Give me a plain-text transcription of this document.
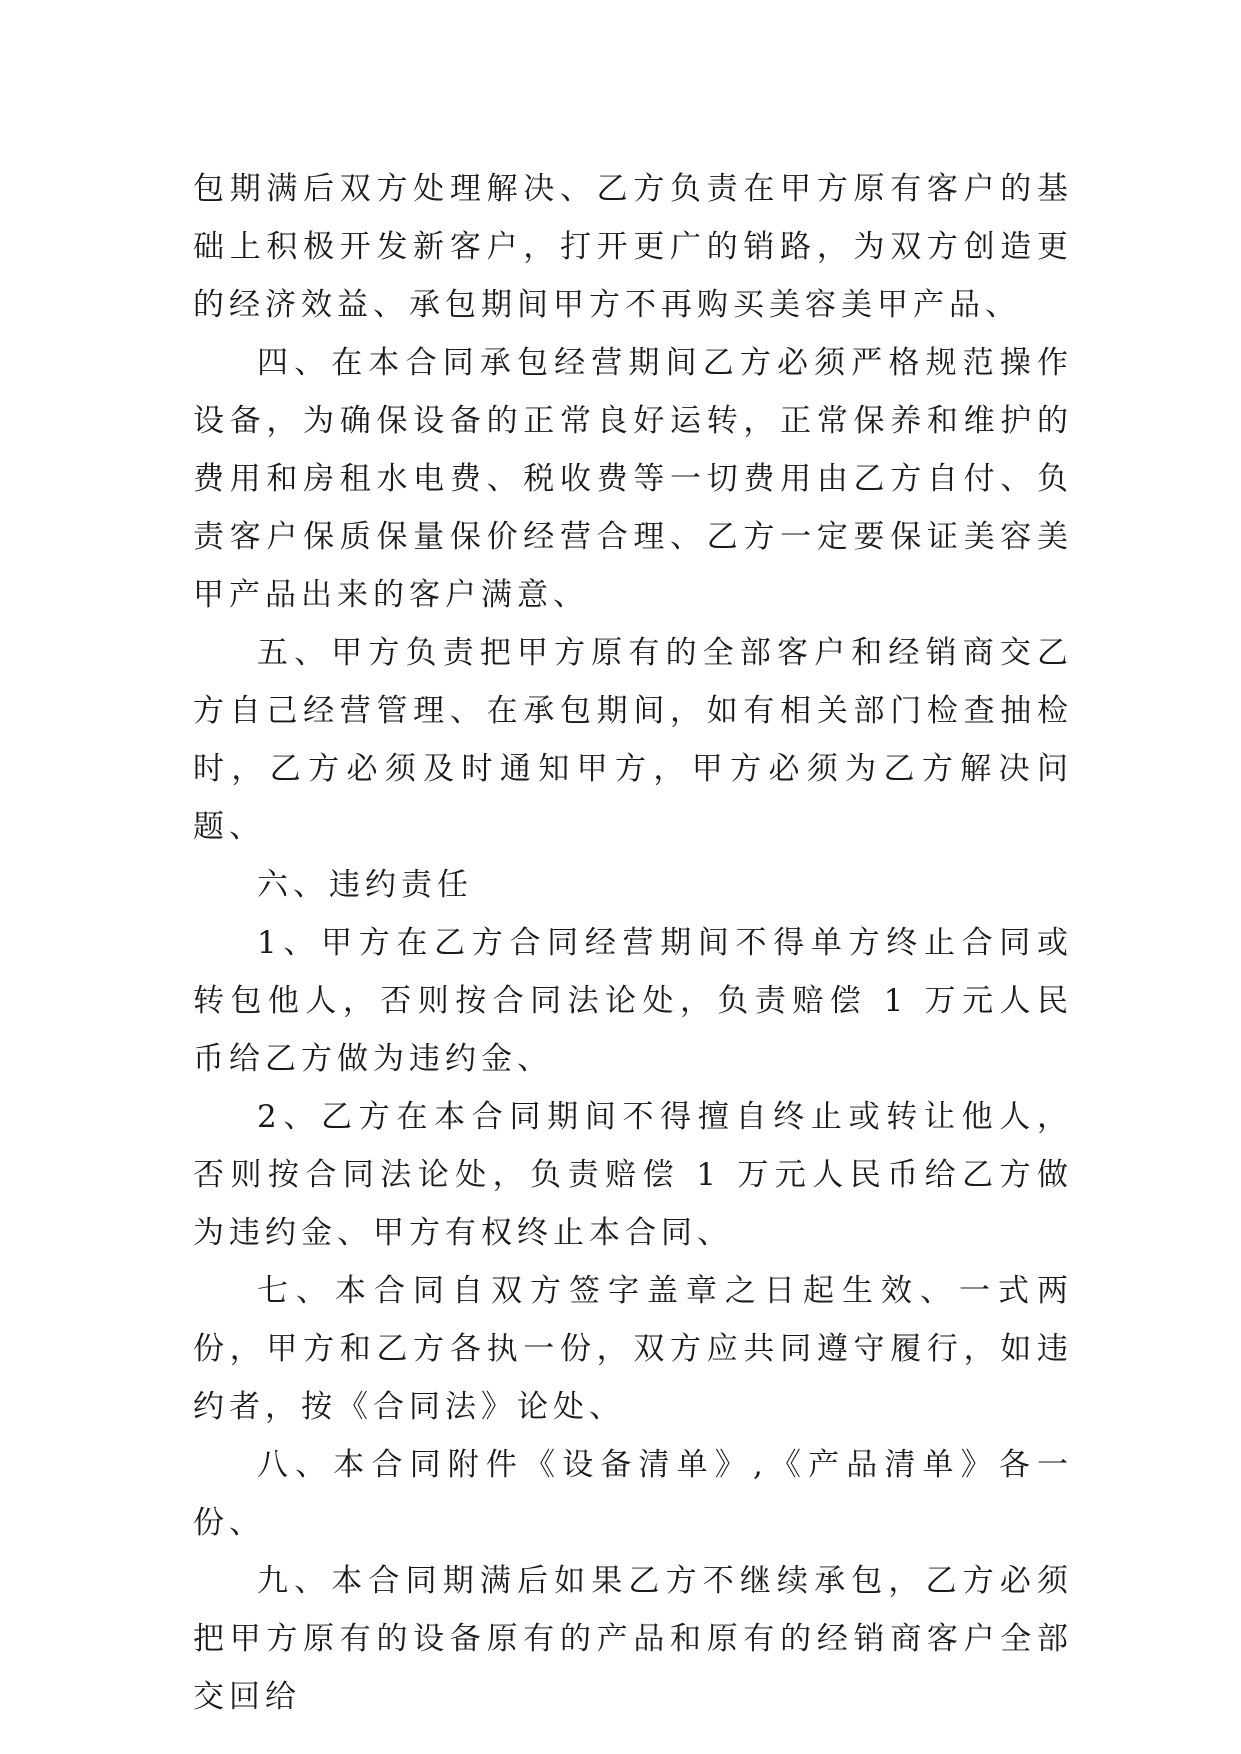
包期满后双方处理解决、乙方负责在甲方原有客户的基础上积极开发新客户，打开更广的销路，为双方创造更的经济效益、承包期间甲方不再购买美容美甲产品、

四、在本合同承包经营期间乙方必须严格规范操作设备，为确保设备的正常良好运转，正常保养和维护的费用和房租水电费、税收费等一切费用由乙方自付、负责客户保质保量保价经营合理、乙方一定要保证美容美甲产品出来的客户满意、

五、甲方负责把甲方原有的全部客户和经销商交乙方自己经营管理、在承包期间，如有相关部门检查抽检时，乙方必须及时通知甲方，甲方必须为乙方解决问题、

六、违约责任

1、甲方在乙方合同经营期间不得单方终止合同或转包他人，否则按合同法论处，负责赔偿 1 万元人民币给乙方做为违约金、

2、乙方在本合同期间不得擅自终止或转让他人，否则按合同法论处，负责赔偿 1 万元人民币给乙方做为违约金、甲方有权终止本合同、

七、本合同自双方签字盖章之日起生效、一式两份，甲方和乙方各执一份，双方应共同遵守履行，如违约者，按《合同法》论处、

八、本合同附件《设备清单》,《产品清单》各一份、

九、本合同期满后如果乙方不继续承包，乙方必须把甲方原有的设备原有的产品和原有的经销商客户全部交回给
